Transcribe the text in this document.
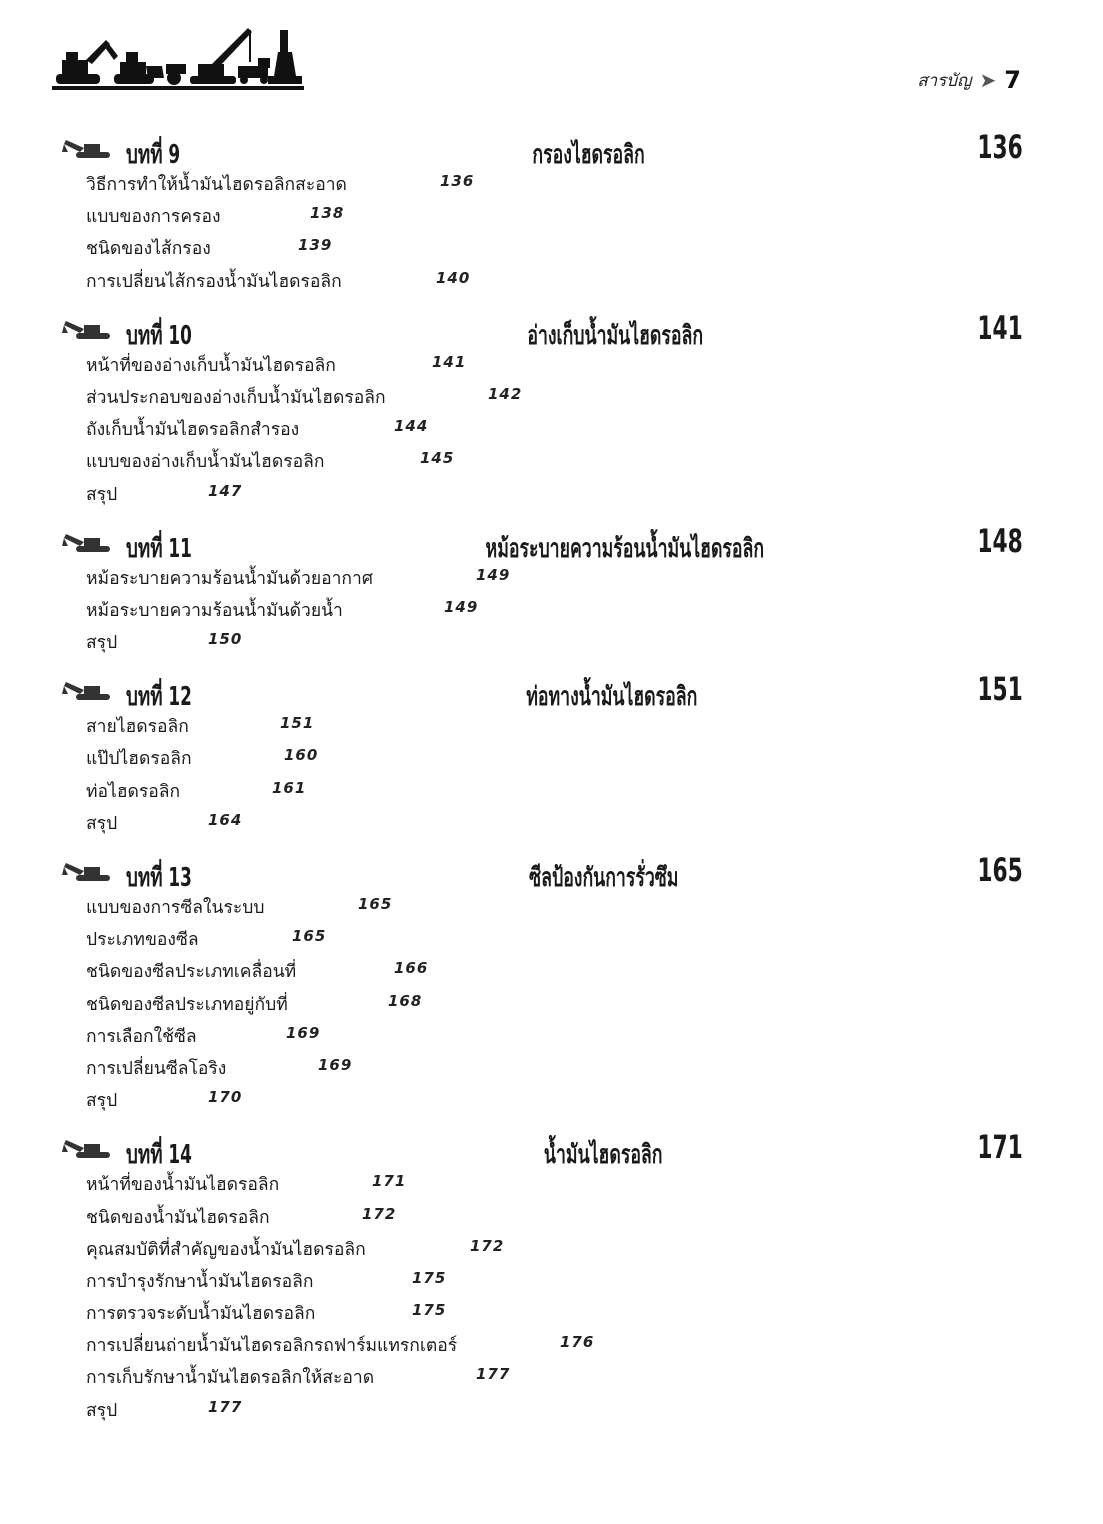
สารบัญ ➤ 7
บทที่ 9	กรองไฮดรอลิก	136
วิธีการทำให้น้ำมันไฮดรอลิกสะอาด	136
แบบของการครอง	138
ชนิดของไส้กรอง	139
การเปลี่ยนไส้กรองน้ำมันไฮดรอลิก	140
บทที่ 10	อ่างเก็บน้ำมันไฮดรอลิก	141
หน้าที่ของอ่างเก็บน้ำมันไฮดรอลิก	141
ส่วนประกอบของอ่างเก็บน้ำมันไฮดรอลิก	142
ถังเก็บน้ำมันไฮดรอลิกสำรอง	144
แบบของอ่างเก็บน้ำมันไฮดรอลิก	145
สรุป	147
บทที่ 11	หม้อระบายความร้อนน้ำมันไฮดรอลิก	148
หม้อระบายความร้อนน้ำมันด้วยอากาศ	149
หม้อระบายความร้อนน้ำมันด้วยน้ำ	149
สรุป	150
บทที่ 12	ท่อทางน้ำมันไฮดรอลิก	151
สายไฮดรอลิก	151
แป๊ปไฮดรอลิก	160
ท่อไฮดรอลิก	161
สรุป	164
บทที่ 13	ซีลป้องกันการรั่วซึม	165
แบบของการซีลในระบบ	165
ประเภทของซีล	165
ชนิดของซีลประเภทเคลื่อนที่	166
ชนิดของซีลประเภทอยู่กับที่	168
การเลือกใช้ซีล	169
การเปลี่ยนซีลโอริง	169
สรุป	170
บทที่ 14	น้ำมันไฮดรอลิก	171
หน้าที่ของน้ำมันไฮดรอลิก	171
ชนิดของน้ำมันไฮดรอลิก	172
คุณสมบัติที่สำคัญของน้ำมันไฮดรอลิก	172
การบำรุงรักษาน้ำมันไฮดรอลิก	175
การตรวจระดับน้ำมันไฮดรอลิก	175
การเปลี่ยนถ่ายน้ำมันไฮดรอลิกรถฟาร์มแทรกเตอร์	176
การเก็บรักษาน้ำมันไฮดรอลิกให้สะอาด	177
สรุป	177
